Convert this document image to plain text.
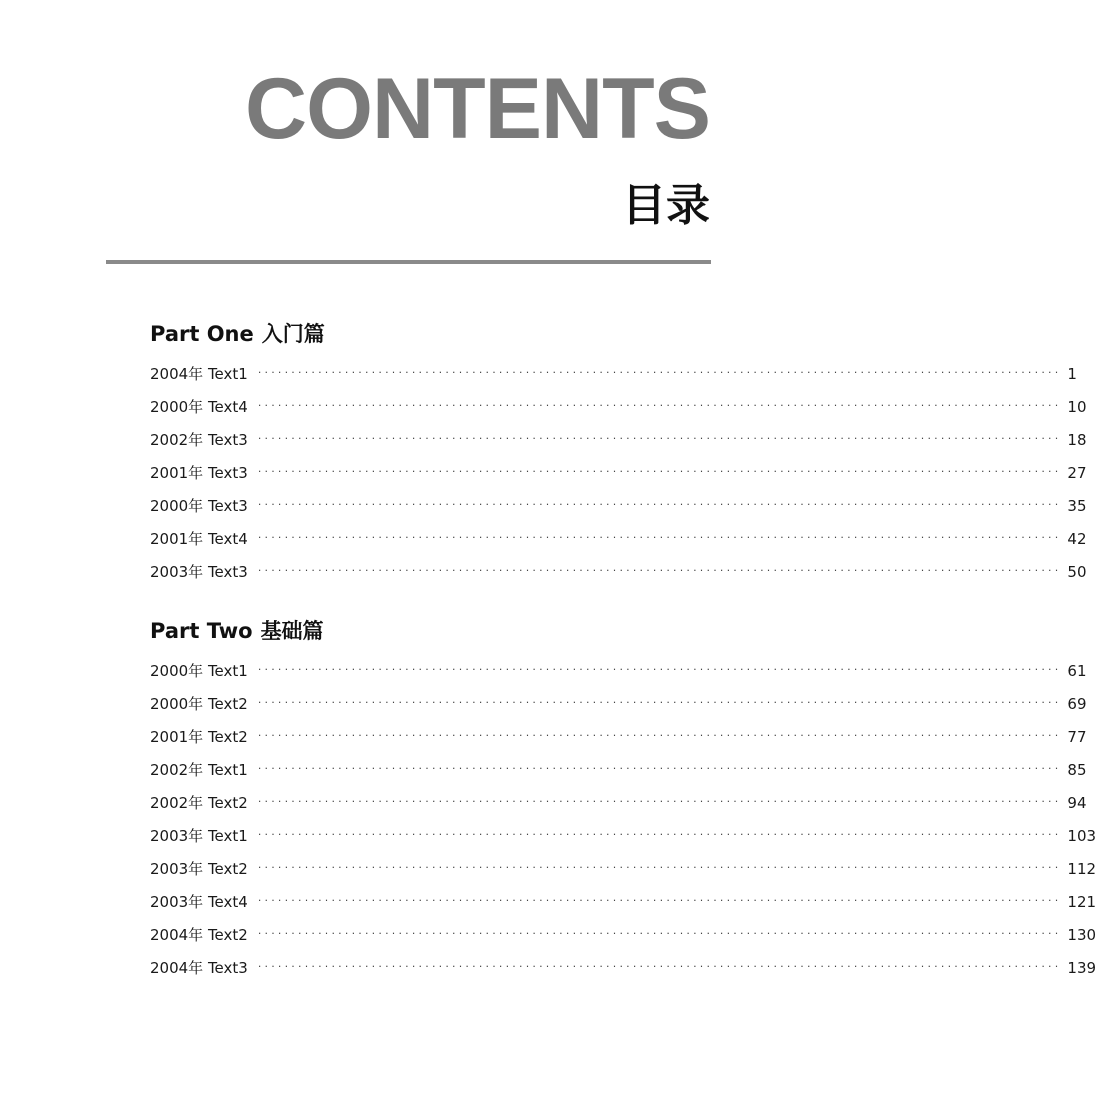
CONTENTS
目录
Part One 入门篇
2004年 Text1 ························································································································ 1
2000年 Text4 ························································································································ 10
2002年 Text3 ························································································································ 18
2001年 Text3 ························································································································ 27
2000年 Text3 ························································································································ 35
2001年 Text4 ························································································································ 42
2003年 Text3 ························································································································ 50
Part Two 基础篇
2000年 Text1 ························································································································ 61
2000年 Text2 ························································································································ 69
2001年 Text2 ························································································································ 77
2002年 Text1 ························································································································ 85
2002年 Text2 ························································································································ 94
2003年 Text1 ························································································································ 103
2003年 Text2 ························································································································ 112
2003年 Text4 ························································································································ 121
2004年 Text2 ························································································································ 130
2004年 Text3 ························································································································ 139
